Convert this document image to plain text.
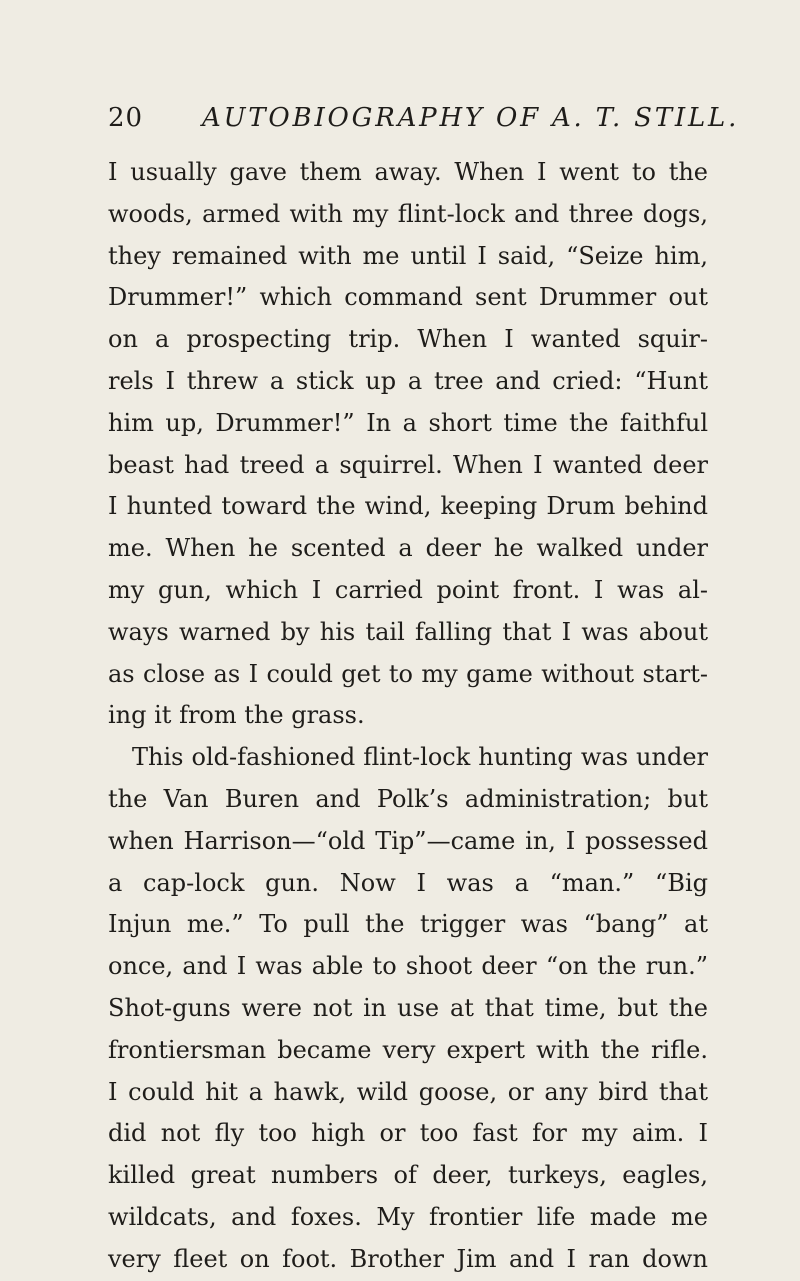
20 AUTOBIOGRAPHY OF A. T. STILL.
I usually gave them away. When I went to the
woods, armed with my flint-lock and three dogs,
they remained with me until I said, “Seize him,
Drummer!” which command sent Drummer out
on a prospecting trip. When I wanted squir-
rels I threw a stick up a tree and cried: “Hunt
him up, Drummer!” In a short time the faithful
beast had treed a squirrel. When I wanted deer
I hunted toward the wind, keeping Drum behind
me. When he scented a deer he walked under
my gun, which I carried point front. I was al-
ways warned by his tail falling that I was about
as close as I could get to my game without start-
ing it from the grass.
This old-fashioned flint-lock hunting was under
the Van Buren and Polk’s administration; but
when Harrison—“old Tip”—came in, I possessed
a cap-lock gun. Now I was a “man.” “Big
Injun me.” To pull the trigger was “bang” at
once, and I was able to shoot deer “on the run.”
Shot-guns were not in use at that time, but the
frontiersman became very expert with the rifle.
I could hit a hawk, wild goose, or any bird that
did not fly too high or too fast for my aim. I
killed great numbers of deer, turkeys, eagles,
wildcats, and foxes. My frontier life made me
very fleet on foot. Brother Jim and I ran down
